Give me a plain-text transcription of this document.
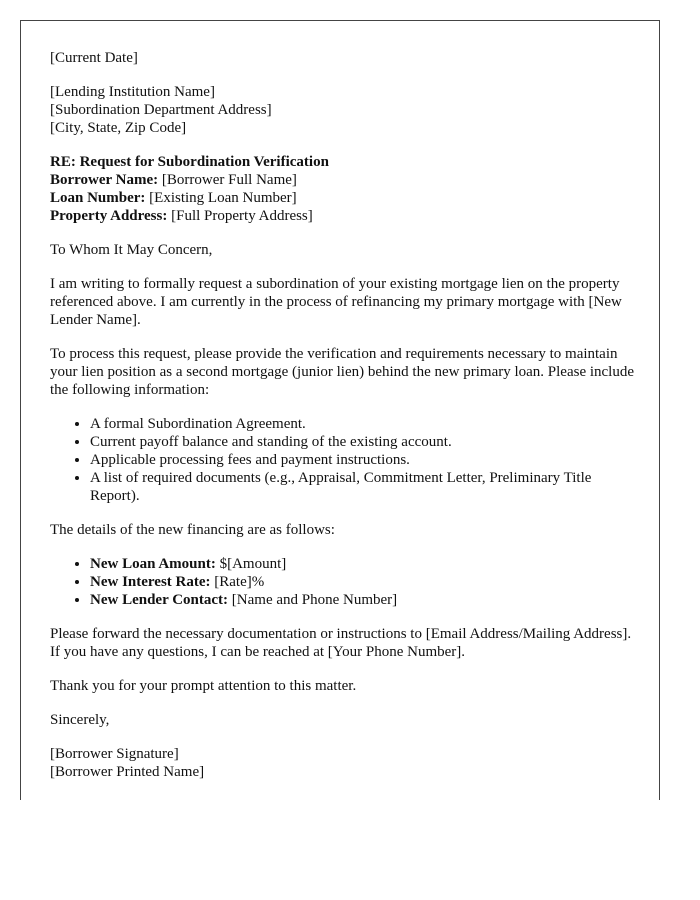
[Current Date]
[Lending Institution Name]
[Subordination Department Address]
[City, State, Zip Code]
RE: Request for Subordination Verification
Borrower Name: [Borrower Full Name]
Loan Number: [Existing Loan Number]
Property Address: [Full Property Address]

To Whom It May Concern,

I am writing to formally request a subordination of your existing mortgage lien on the property referenced above. I am currently in the process of refinancing my primary mortgage with [New Lender Name].

To process this request, please provide the verification and requirements necessary to maintain your lien position as a second mortgage (junior lien) behind the new primary loan. Please include the following information:

• A formal Subordination Agreement.
• Current payoff balance and standing of the existing account.
• Applicable processing fees and payment instructions.
• A list of required documents (e.g., Appraisal, Commitment Letter, Preliminary Title Report).

The details of the new financing are as follows:

• New Loan Amount: $[Amount]
• New Interest Rate: [Rate]%
• New Lender Contact: [Name and Phone Number]

Please forward the necessary documentation or instructions to [Email Address/Mailing Address]. If you have any questions, I can be reached at [Your Phone Number].

Thank you for your prompt attention to this matter.

Sincerely,

[Borrower Signature]
[Borrower Printed Name]
